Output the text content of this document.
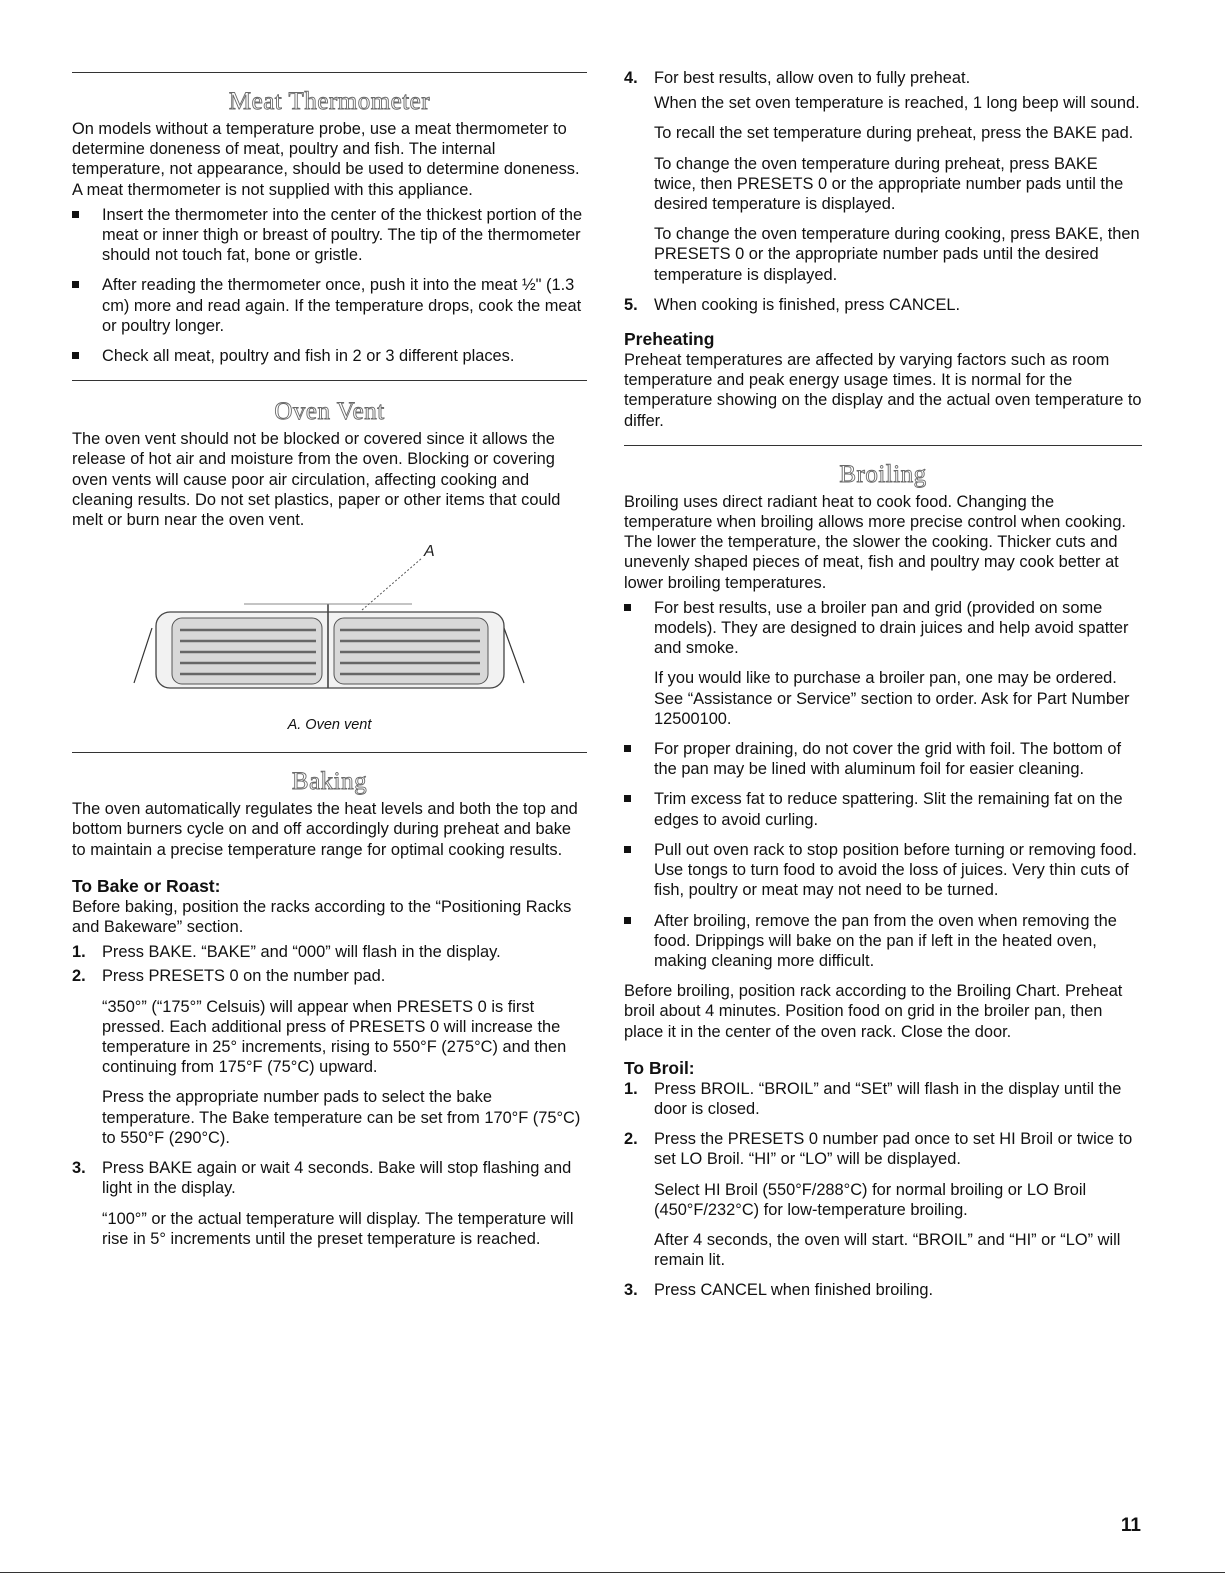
Meat Thermometer

On models without a temperature probe, use a meat thermometer to determine doneness of meat, poultry and fish. The internal temperature, not appearance, should be used to determine doneness. A meat thermometer is not supplied with this appliance.

Insert the thermometer into the center of the thickest portion of the meat or inner thigh or breast of poultry. The tip of the thermometer should not touch fat, bone or gristle.

After reading the thermometer once, push it into the meat ½" (1.3 cm) more and read again. If the temperature drops, cook the meat or poultry longer.

Check all meat, poultry and fish in 2 or 3 different places.

Oven Vent

The oven vent should not be blocked or covered since it allows the release of hot air and moisture from the oven. Blocking or covering oven vents will cause poor air circulation, affecting cooking and cleaning results. Do not set plastics, paper or other items that could melt or burn near the oven vent.

A
A. Oven vent
Baking

The oven automatically regulates the heat levels and both the top and bottom burners cycle on and off accordingly during preheat and bake to maintain a precise temperature range for optimal cooking results.

To Bake or Roast:

Before baking, position the racks according to the “Positioning Racks and Bakeware” section.

1. Press BAKE. “BAKE” and “000” will flash in the display.

2. Press PRESETS 0 on the number pad.

“350°” (“175°” Celsuis) will appear when PRESETS 0 is first pressed. Each additional press of PRESETS 0 will increase the temperature in 25° increments, rising to 550°F (275°C) and then continuing from 175°F (75°C) upward.

Press the appropriate number pads to select the bake temperature. The Bake temperature can be set from 170°F (75°C) to 550°F (290°C).

3. Press BAKE again or wait 4 seconds. Bake will stop flashing and light in the display.

“100°” or the actual temperature will display. The temperature will rise in 5° increments until the preset temperature is reached.

4. For best results, allow oven to fully preheat.

When the set oven temperature is reached, 1 long beep will sound.

To recall the set temperature during preheat, press the BAKE pad.

To change the oven temperature during preheat, press BAKE twice, then PRESETS 0 or the appropriate number pads until the desired temperature is displayed.

To change the oven temperature during cooking, press BAKE, then PRESETS 0 or the appropriate number pads until the desired temperature is displayed.

5. When cooking is finished, press CANCEL.

Preheating

Preheat temperatures are affected by varying factors such as room temperature and peak energy usage times. It is normal for the temperature showing on the display and the actual oven temperature to differ.

Broiling

Broiling uses direct radiant heat to cook food. Changing the temperature when broiling allows more precise control when cooking. The lower the temperature, the slower the cooking. Thicker cuts and unevenly shaped pieces of meat, fish and poultry may cook better at lower broiling temperatures.

For best results, use a broiler pan and grid (provided on some models). They are designed to drain juices and help avoid spatter and smoke.

If you would like to purchase a broiler pan, one may be ordered. See “Assistance or Service” section to order. Ask for Part Number 12500100.

For proper draining, do not cover the grid with foil. The bottom of the pan may be lined with aluminum foil for easier cleaning.

Trim excess fat to reduce spattering. Slit the remaining fat on the edges to avoid curling.

Pull out oven rack to stop position before turning or removing food. Use tongs to turn food to avoid the loss of juices. Very thin cuts of fish, poultry or meat may not need to be turned.

After broiling, remove the pan from the oven when removing the food. Drippings will bake on the pan if left in the heated oven, making cleaning more difficult.

Before broiling, position rack according to the Broiling Chart. Preheat broil about 4 minutes. Position food on grid in the broiler pan, then place it in the center of the oven rack. Close the door.

To Broil:
1. Press BROIL. “BROIL” and “SEt” will flash in the display until the door is closed.

2. Press the PRESETS 0 number pad once to set HI Broil or twice to set LO Broil. “HI” or “LO” will be displayed.

Select HI Broil (550°F/288°C) for normal broiling or LO Broil (450°F/232°C) for low-temperature broiling.

After 4 seconds, the oven will start. “BROIL” and “HI” or “LO” will remain lit.

3. Press CANCEL when finished broiling.

11
